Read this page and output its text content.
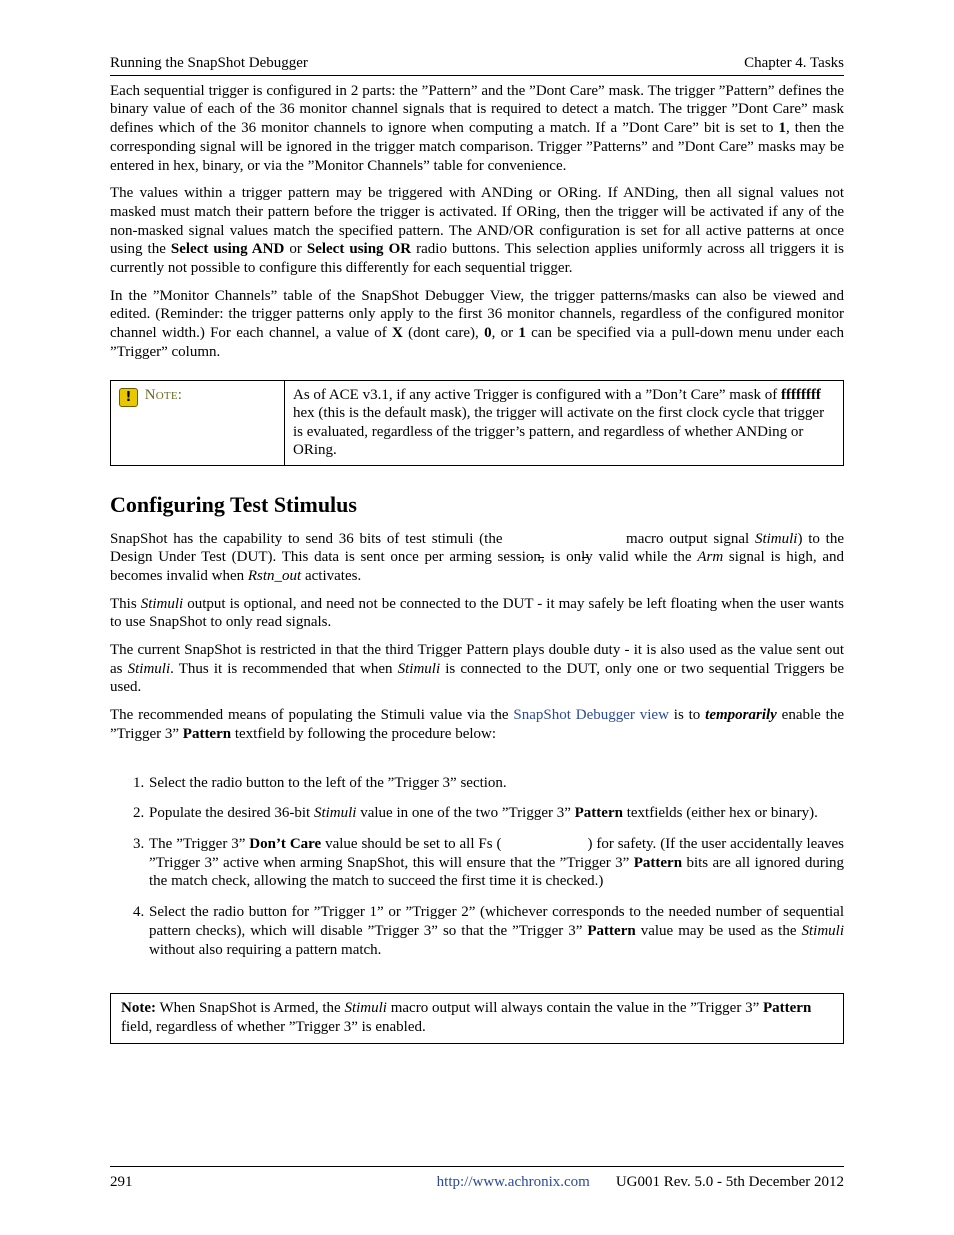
Running the SnapShot Debugger	Chapter 4. Tasks

Each sequential trigger is configured in 2 parts: the ”Pattern” and the ”Dont Care” mask. The trigger ”Pattern” defines the binary value of each of the 36 monitor channel signals that is required to detect a match. The trigger ”Dont Care” mask defines which of the 36 monitor channels to ignore when computing a match. If a ”Dont Care” bit is set to 1, then the corresponding signal will be ignored in the trigger match comparison. Trigger ”Patterns” and ”Dont Care” masks may be entered in hex, binary, or via the ”Monitor Channels” table for convenience.

The values within a trigger pattern may be triggered with ANDing or ORing. If ANDing, then all signal values not masked must match their pattern before the trigger is activated. If ORing, then the trigger will be activated if any of the non-masked signal values match the specified pattern. The AND/OR configuration is set for all active patterns at once using the Select using AND or Select using OR radio buttons. This selection applies uniformly across all triggers it is currently not possible to configure this differently for each sequential trigger.

In the ”Monitor Channels” table of the SnapShot Debugger View, the trigger patterns/masks can also be viewed and edited. (Reminder: the trigger patterns only apply to the first 36 monitor channels, regardless of the configured monitor channel width.) For each channel, a value of X (dont care), 0, or 1 can be specified via a pull-down menu under each ”Trigger” column.

! Note:	As of ACE v3.1, if any active Trigger is configured with a ”Don’t Care” mask of ffffffff hex (this is the default mask), the trigger will activate on the first clock cycle that trigger is evaluated, regardless of the trigger’s pattern, and regardless of whether ANDing or ORing.
Configuring Test Stimulus

SnapShot has the capability to send 36 bits of test stimuli (the	macro output signal Stimuli) to the Design Under Test (DUT). This data is sent once per arming session, is only valid while the Arm signal is high, and becomes invalid when Rstn_out activates.

This Stimuli output is optional, and need not be connected to the DUT - it may safely be left floating when the user wants to use SnapShot to only read signals.

The current SnapShot is restricted in that the third Trigger Pattern plays double duty - it is also used as the value sent out as Stimuli. Thus it is recommended that when Stimuli is connected to the DUT, only one or two sequential Triggers be used.

The recommended means of populating the Stimuli value via the SnapShot Debugger view is to temporarily enable the ”Trigger 3” Pattern textfield by following the procedure below:

1. Select the radio button to the left of the ”Trigger 3” section.
2. Populate the desired 36-bit Stimuli value in one of the two ”Trigger 3” Pattern textfields (either hex or binary).
3. The ”Trigger 3” Don’t Care value should be set to all Fs (	) for safety. (If the user accidentally leaves ”Trigger 3” active when arming SnapShot, this will ensure that the ”Trigger 3” Pattern bits are all ignored during the match check, allowing the match to succeed the first time it is checked.)
4. Select the radio button for ”Trigger 1” or ”Trigger 2” (whichever corresponds to the needed number of sequential pattern checks), which will disable ”Trigger 3” so that the ”Trigger 3” Pattern value may be used as the Stimuli without also requiring a pattern match.
Note: When SnapShot is Armed, the Stimuli macro output will always contain the value in the ”Trigger 3” Pattern field, regardless of whether ”Trigger 3” is enabled.
291	http://www.achronix.com UG001 Rev. 5.0 - 5th December 2012
